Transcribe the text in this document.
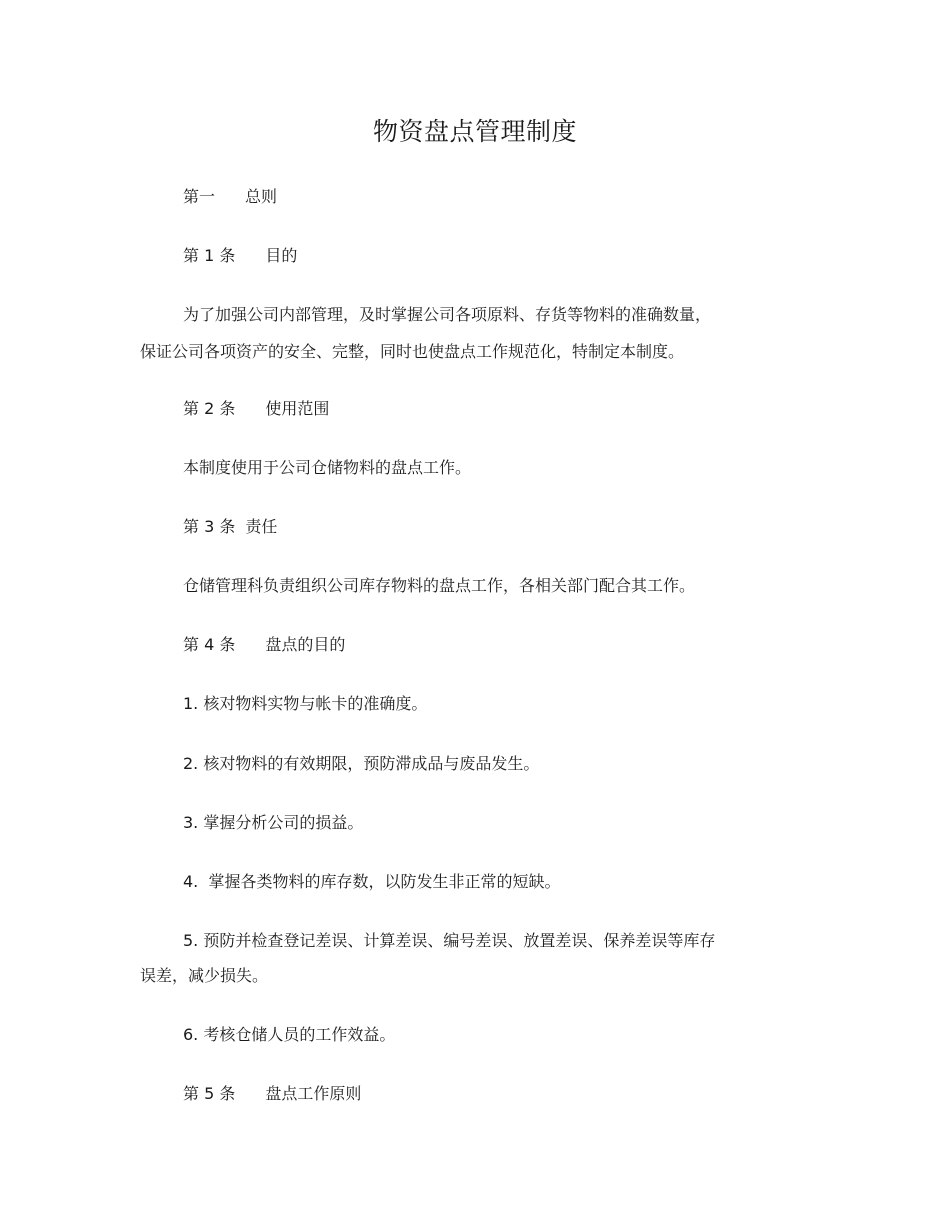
物资盘点管理制度
第一 总则
第 1 条 目的
为了加强公司内部管理，及时掌握公司各项原料、存货等物料的准确数量，
保证公司各项资产的安全、完整，同时也使盘点工作规范化，特制定本制度。
第 2 条 使用范围
本制度使用于公司仓储物料的盘点工作。
第 3 条 责任
仓储管理科负责组织公司库存物料的盘点工作，各相关部门配合其工作。
第 4 条 盘点的目的
1. 核对物料实物与帐卡的准确度。
2. 核对物料的有效期限，预防滞成品与废品发生。
3. 掌握分析公司的损益。
4.  掌握各类物料的库存数，以防发生非正常的短缺。
5. 预防并检查登记差误、计算差误、编号差误、放置差误、保养差误等库存
误差，减少损失。
6. 考核仓储人员的工作效益。
第 5 条 盘点工作原则
